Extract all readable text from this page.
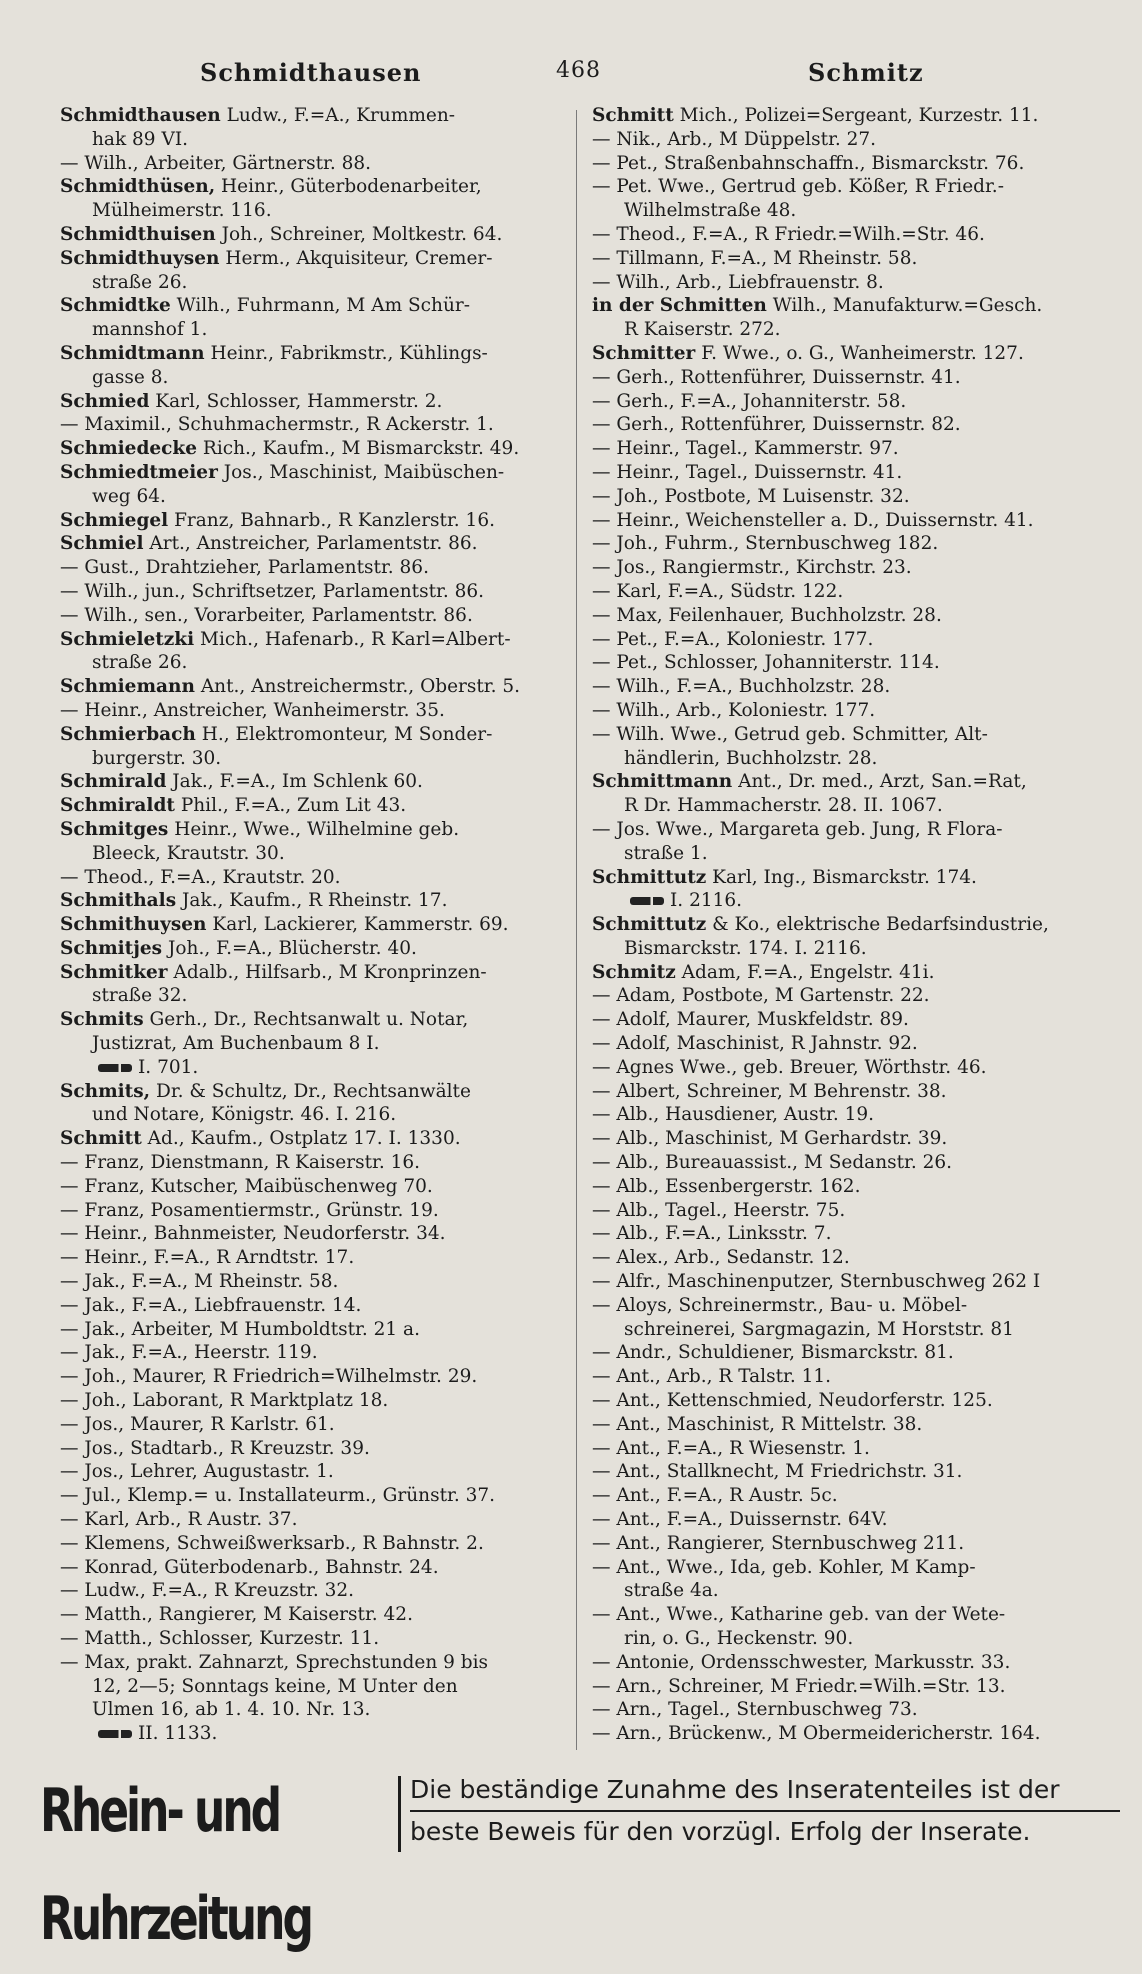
Schmidthausen	468	Schmitz

Schmidthausen Ludw., F.=A., Krummen-

hak 89 VI.

— Wilh., Arbeiter, Gärtnerstr. 88.

Schmidthüsen, Heinr., Güterbodenarbeiter,

Mülheimerstr. 116.

Schmidthuisen Joh., Schreiner, Moltkestr. 64.

Schmidthuysen Herm., Akquisiteur, Cremer-

straße 26.

Schmidtke Wilh., Fuhrmann, M Am Schür-

mannshof 1.

Schmidtmann Heinr., Fabrikmstr., Kühlings-

gasse 8.

Schmied Karl, Schlosser, Hammerstr. 2.

— Maximil., Schuhmachermstr., R Ackerstr. 1.

Schmiedecke Rich., Kaufm., M Bismarckstr. 49.

Schmiedtmeier Jos., Maschinist, Maibüschen-

weg 64.

Schmiegel Franz, Bahnarb., R Kanzlerstr. 16.

Schmiel Art., Anstreicher, Parlamentstr. 86.

— Gust., Drahtzieher, Parlamentstr. 86.

— Wilh., jun., Schriftsetzer, Parlamentstr. 86.

— Wilh., sen., Vorarbeiter, Parlamentstr. 86.

Schmieletzki Mich., Hafenarb., R Karl=Albert-

straße 26.

Schmiemann Ant., Anstreichermstr., Oberstr. 5.

— Heinr., Anstreicher, Wanheimerstr. 35.

Schmierbach H., Elektromonteur, M Sonder-

burgerstr. 30.

Schmirald Jak., F.=A., Im Schlenk 60.

Schmiraldt Phil., F.=A., Zum Lit 43.

Schmitges Heinr., Wwe., Wilhelmine geb.

Bleeck, Krautstr. 30.

— Theod., F.=A., Krautstr. 20.

Schmithals Jak., Kaufm., R Rheinstr. 17.

Schmithuysen Karl, Lackierer, Kammerstr. 69.

Schmitjes Joh., F.=A., Blücherstr. 40.

Schmitker Adalb., Hilfsarb., M Kronprinzen-

straße 32.

Schmits Gerh., Dr., Rechtsanwalt u. Notar,

Justizrat, Am Buchenbaum 8 I.

I. 701.

Schmits, Dr. & Schultz, Dr., Rechtsanwälte

und Notare, Königstr. 46. I. 216.

Schmitt Ad., Kaufm., Ostplatz 17. I. 1330.

— Franz, Dienstmann, R Kaiserstr. 16.

— Franz, Kutscher, Maibüschenweg 70.

— Franz, Posamentiermstr., Grünstr. 19.

— Heinr., Bahnmeister, Neudorferstr. 34.

— Heinr., F.=A., R Arndtstr. 17.

— Jak., F.=A., M Rheinstr. 58.

— Jak., F.=A., Liebfrauenstr. 14.

— Jak., Arbeiter, M Humboldtstr. 21 a.

— Jak., F.=A., Heerstr. 119.

— Joh., Maurer, R Friedrich=Wilhelmstr. 29.

— Joh., Laborant, R Marktplatz 18.

— Jos., Maurer, R Karlstr. 61.

— Jos., Stadtarb., R Kreuzstr. 39.

— Jos., Lehrer, Augustastr. 1.

— Jul., Klemp.= u. Installateurm., Grünstr. 37.

— Karl, Arb., R Austr. 37.

— Klemens, Schweißwerksarb., R Bahnstr. 2.

— Konrad, Güterbodenarb., Bahnstr. 24.

— Ludw., F.=A., R Kreuzstr. 32.

— Matth., Rangierer, M Kaiserstr. 42.

— Matth., Schlosser, Kurzestr. 11.

— Max, prakt. Zahnarzt, Sprechstunden 9 bis

12, 2—5; Sonntags keine, M Unter den

Ulmen 16, ab 1. 4. 10. Nr. 13.

II. 1133.

Schmitt Mich., Polizei=Sergeant, Kurzestr. 11.

— Nik., Arb., M Düppelstr. 27.

— Pet., Straßenbahnschaffn., Bismarckstr. 76.

— Pet. Wwe., Gertrud geb. Kößer, R Friedr.-

Wilhelmstraße 48.

— Theod., F.=A., R Friedr.=Wilh.=Str. 46.

— Tillmann, F.=A., M Rheinstr. 58.

— Wilh., Arb., Liebfrauenstr. 8.

in der Schmitten Wilh., Manufakturw.=Gesch.

R Kaiserstr. 272.

Schmitter F. Wwe., o. G., Wanheimerstr. 127.

— Gerh., Rottenführer, Duissernstr. 41.

— Gerh., F.=A., Johanniterstr. 58.

— Gerh., Rottenführer, Duissernstr. 82.

— Heinr., Tagel., Kammerstr. 97.

— Heinr., Tagel., Duissernstr. 41.

— Joh., Postbote, M Luisenstr. 32.

— Heinr., Weichensteller a. D., Duissernstr. 41.

— Joh., Fuhrm., Sternbuschweg 182.

— Jos., Rangiermstr., Kirchstr. 23.

— Karl, F.=A., Südstr. 122.

— Max, Feilenhauer, Buchholzstr. 28.

— Pet., F.=A., Koloniestr. 177.

— Pet., Schlosser, Johanniterstr. 114.

— Wilh., F.=A., Buchholzstr. 28.

— Wilh., Arb., Koloniestr. 177.

— Wilh. Wwe., Getrud geb. Schmitter, Alt-

händlerin, Buchholzstr. 28.

Schmittmann Ant., Dr. med., Arzt, San.=Rat,

R Dr. Hammacherstr. 28. II. 1067.

— Jos. Wwe., Margareta geb. Jung, R Flora-

straße 1.

Schmittutz Karl, Ing., Bismarckstr. 174.

I. 2116.

Schmittutz & Ko., elektrische Bedarfsindustrie,

Bismarckstr. 174. I. 2116.

Schmitz Adam, F.=A., Engelstr. 41i.

— Adam, Postbote, M Gartenstr. 22.

— Adolf, Maurer, Muskfeldstr. 89.

— Adolf, Maschinist, R Jahnstr. 92.

— Agnes Wwe., geb. Breuer, Wörthstr. 46.

— Albert, Schreiner, M Behrenstr. 38.

— Alb., Hausdiener, Austr. 19.

— Alb., Maschinist, M Gerhardstr. 39.

— Alb., Bureauassist., M Sedanstr. 26.

— Alb., Essenbergerstr. 162.

— Alb., Tagel., Heerstr. 75.

— Alb., F.=A., Linksstr. 7.

— Alex., Arb., Sedanstr. 12.

— Alfr., Maschinenputzer, Sternbuschweg 262 I

— Aloys, Schreinermstr., Bau- u. Möbel-

schreinerei, Sargmagazin, M Horststr. 81

— Andr., Schuldiener, Bismarckstr. 81.

— Ant., Arb., R Talstr. 11.

— Ant., Kettenschmied, Neudorferstr. 125.

— Ant., Maschinist, R Mittelstr. 38.

— Ant., F.=A., R Wiesenstr. 1.

— Ant., Stallknecht, M Friedrichstr. 31.

— Ant., F.=A., R Austr. 5c.

— Ant., F.=A., Duissernstr. 64V.

— Ant., Rangierer, Sternbuschweg 211.

— Ant., Wwe., Ida, geb. Kohler, M Kamp-

straße 4a.

— Ant., Wwe., Katharine geb. van der Wete-

rin, o. G., Heckenstr. 90.

— Antonie, Ordensschwester, Markusstr. 33.

— Arn., Schreiner, M Friedr.=Wilh.=Str. 13.

— Arn., Tagel., Sternbuschweg 73.

— Arn., Brückenw., M Obermeidericherstr. 164.

Rhein- und Ruhrzeitung
Die beständige Zunahme des Inseratenteiles ist der
beste Beweis für den vorzügl. Erfolg der Inserate.
